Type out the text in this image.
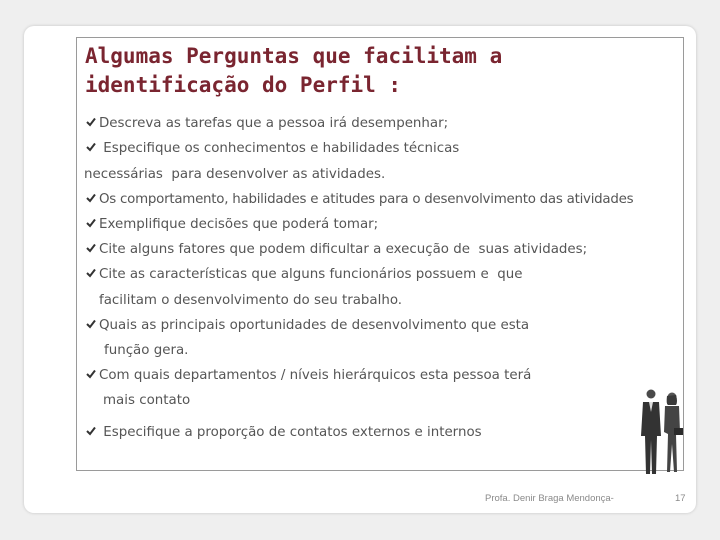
Algumas Perguntas que facilitam a
identificação do Perfil :

Descreva as tarefas que a pessoa irá desempenhar;

Especifique os conhecimentos e habilidades técnicas

necessárias  para desenvolver as atividades.

Os comportamento, habilidades e atitudes para o desenvolvimento das atividades

Exemplifique decisões que poderá tomar;

Cite alguns fatores que podem dificultar a execução de  suas atividades;

Cite as características que alguns funcionários possuem e  que

facilitam o desenvolvimento do seu trabalho.

Quais as principais oportunidades de desenvolvimento que esta

função gera.

Com quais departamentos / níveis hierárquicos esta pessoa terá

mais contato

Especifique a proporção de contatos externos e internos

Profa. Denir Braga Mendonça-	17
